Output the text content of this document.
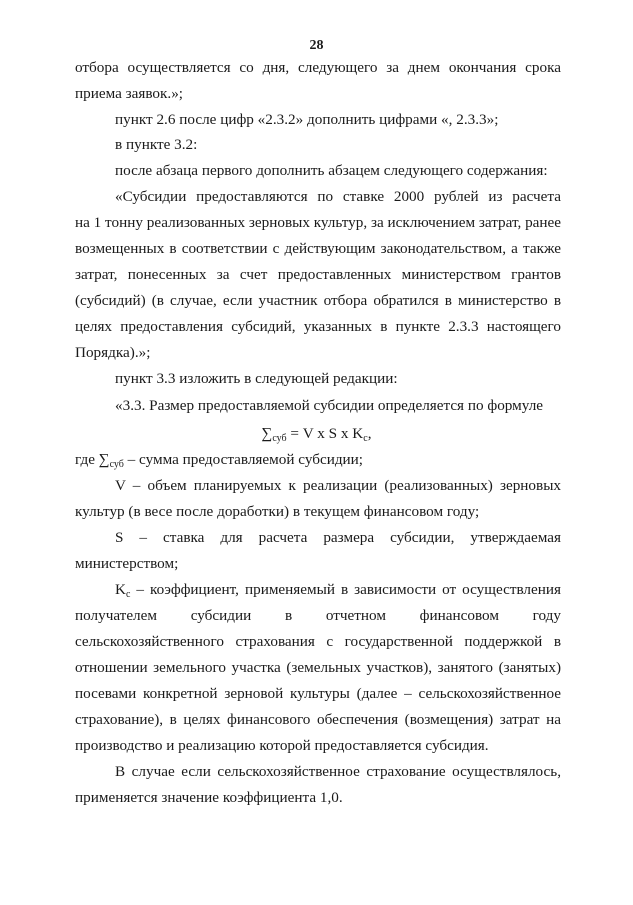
28
отбора осуществляется со дня, следующего за днем окончания срока
приема заявок.»;
пункт 2.6 после цифр «2.3.2» дополнить цифрами «, 2.3.3»;
в пункте 3.2:
после абзаца первого дополнить абзацем следующего содержания:
«Субсидии предоставляются по ставке 2000 рублей из расчета
на 1 тонну реализованных зерновых культур, за исключением затрат, ранее
возмещенных в соответствии с действующим законодательством, а также
затрат, понесенных за счет предоставленных министерством грантов
(субсидий) (в случае, если участник отбора обратился в министерство в
целях предоставления субсидий, указанных в пункте 2.3.3 настоящего
Порядка).»;
пункт 3.3 изложить в следующей редакции:
«3.3. Размер предоставляемой субсидии определяется по формуле
$\sum_{суб} = V$ x S x $K_с$,
где $\sum_{суб}$ – сумма предоставляемой субсидии;
V – объем планируемых к реализации (реализованных) зерновых
культур (в весе после доработки) в текущем финансовом году;
S – ставка для расчета размера субсидии, утверждаемая
министерством;
$K_с$ – коэффициент, применяемый в зависимости от осуществления
получателем субсидии в отчетном финансовом году
сельскохозяйственного страхования с государственной поддержкой в
отношении земельного участка (земельных участков), занятого (занятых)
посевами конкретной зерновой культуры (далее – сельскохозяйственное
страхование), в целях финансового обеспечения (возмещения) затрат на
производство и реализацию которой предоставляется субсидия.
В случае если сельскохозяйственное страхование осуществлялось,
применяется значение коэффициента 1,0.
